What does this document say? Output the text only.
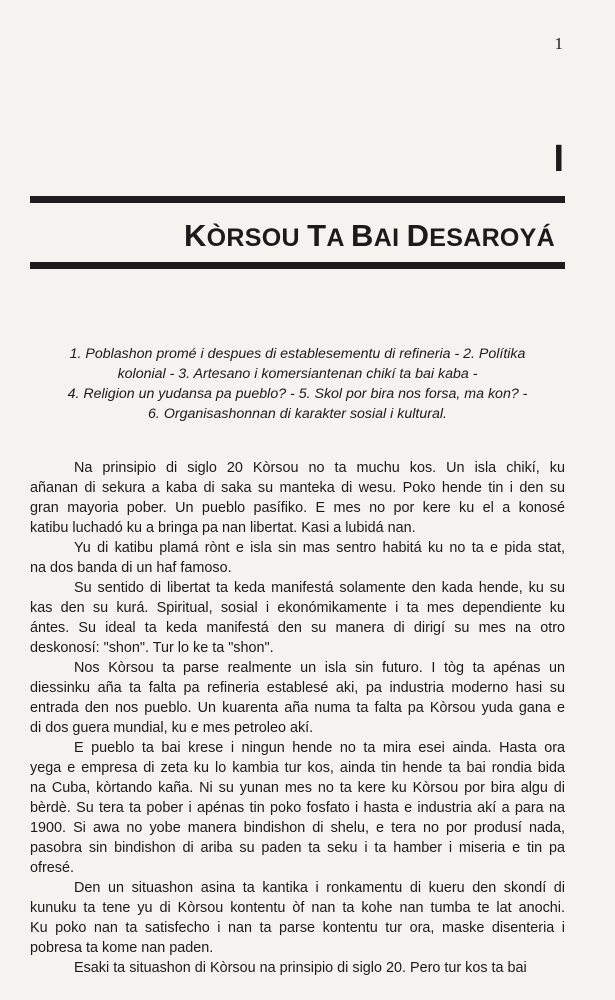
1
I
KÒRSOU TA BAI DESAROYÁ
1. Poblashon promé i despues di establesementu di refineria - 2. Polítika
kolonial - 3. Artesano i komersiantenan chikí ta bai kaba -
4. Religion un yudansa pa pueblo? - 5. Skol por bira nos forsa, ma kon? -
6. Organisashonnan di karakter sosial i kultural.
Na prinsipio di siglo 20 Kòrsou no ta muchu kos. Un isla chikí, ku
añanan di sekura a kaba di saka su manteka di wesu. Poko hende tin i den su
gran mayoria pober. Un pueblo pasífiko. E mes no por kere ku el a konosé
katibu luchadó ku a bringa pa nan libertat. Kasi a lubidá nan.
Yu di katibu plamá rònt e isla sin mas sentro habitá ku no ta e pida stat,
na dos banda di un haf famoso.
Su sentido di libertat ta keda manifestá solamente den kada hende, ku su
kas den su kurá. Spiritual, sosial i ekonómikamente i ta mes dependiente ku
ántes. Su ideal ta keda manifestá den su manera di dirigí su mes na otro
deskonosí: "shon". Tur lo ke ta "shon".
Nos Kòrsou ta parse realmente un isla sin futuro. I tòg ta apénas un
diessinku aña ta falta pa refineria establesé aki, pa industria moderno hasi su
entrada den nos pueblo. Un kuarenta aña numa ta falta pa Kòrsou yuda gana e
di dos guera mundial, ku e mes petroleo akí.
E pueblo ta bai krese i ningun hende no ta mira esei ainda. Hasta ora
yega e empresa di zeta ku lo kambia tur kos, ainda tin hende ta bai rondia bida
na Cuba, kòrtando kaña. Ni su yunan mes no ta kere ku Kòrsou por bira algu di
bèrdè. Su tera ta pober i apénas tin poko fosfato i hasta e industria akí a para na
1900. Si awa no yobe manera bindishon di shelu, e tera no por produsí nada,
pasobra sin bindishon di ariba su paden ta seku i ta hamber i miseria e tin pa
ofresé.
Den un situashon asina ta kantika i ronkamentu di kueru den skondí di
kunuku ta tene yu di Kòrsou kontentu òf nan ta kohe nan tumba te lat anochi.
Ku poko nan ta satisfecho i nan ta parse kontentu tur ora, maske disenteria i
pobresa ta kome nan paden.
Esaki ta situashon di Kòrsou na prinsipio di siglo 20. Pero tur kos ta bai
